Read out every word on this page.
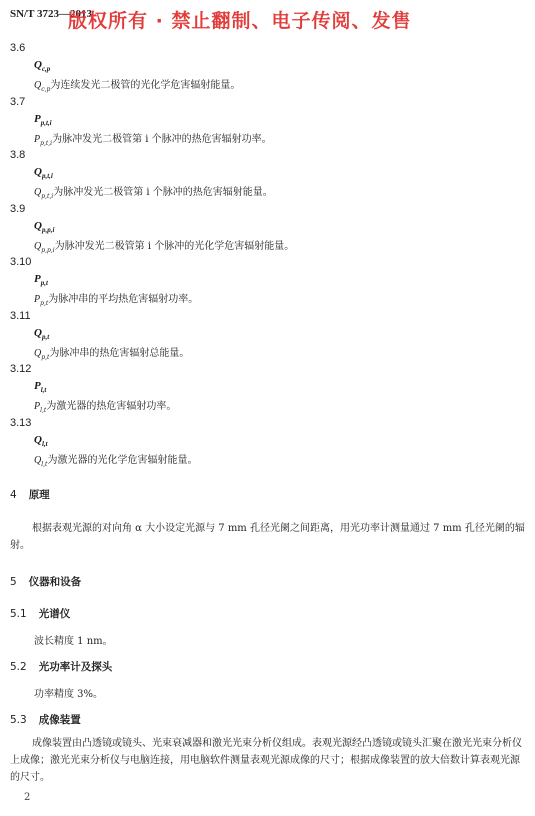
SN/T 3723—2013
版权所有 · 禁止翻制、电子传阅、发售
3.6
$Q_{c,p}$
$Q_{c,p}$为连续发光二极管的光化学危害辐射能量。
3.7
$P_{p,t,i}$
$P_{p,t,i}$为脉冲发光二极管第 i 个脉冲的热危害辐射功率。
3.8
$Q_{p,t,i}$
$Q_{p,t,i}$为脉冲发光二极管第 i 个脉冲的热危害辐射能量。
3.9
$Q_{p,p,i}$
$Q_{p,p,i}$为脉冲发光二极管第 i 个脉冲的光化学危害辐射能量。
3.10
$P_{p,t}$
$P_{p,t}$为脉冲串的平均热危害辐射功率。
3.11
$Q_{p,t}$
$Q_{p,t}$为脉冲串的热危害辐射总能量。
3.12
$P_{l,t}$
$P_{l,t}$为激光器的热危害辐射功率。
3.13
$Q_{l,t}$
$Q_{l,t}$为激光器的光化学危害辐射能量。
4 原理
根据表观光源的对向角 α 大小设定光源与 7 mm 孔径光阑之间距离，用光功率计测量通过 7 mm 孔径光阑的辐射。
5 仪器和设备
5.1 光谱仪
波长精度 1 nm。
5.2 光功率计及探头
功率精度 3%。
5.3 成像装置
成像装置由凸透镜或镜头、光束衰减器和激光光束分析仪组成。表观光源经凸透镜或镜头汇聚在激光光束分析仪上成像；激光光束分析仪与电脑连接，用电脑软件测量表观光源成像的尺寸；根据成像装置的放大倍数计算表观光源的尺寸。
2
